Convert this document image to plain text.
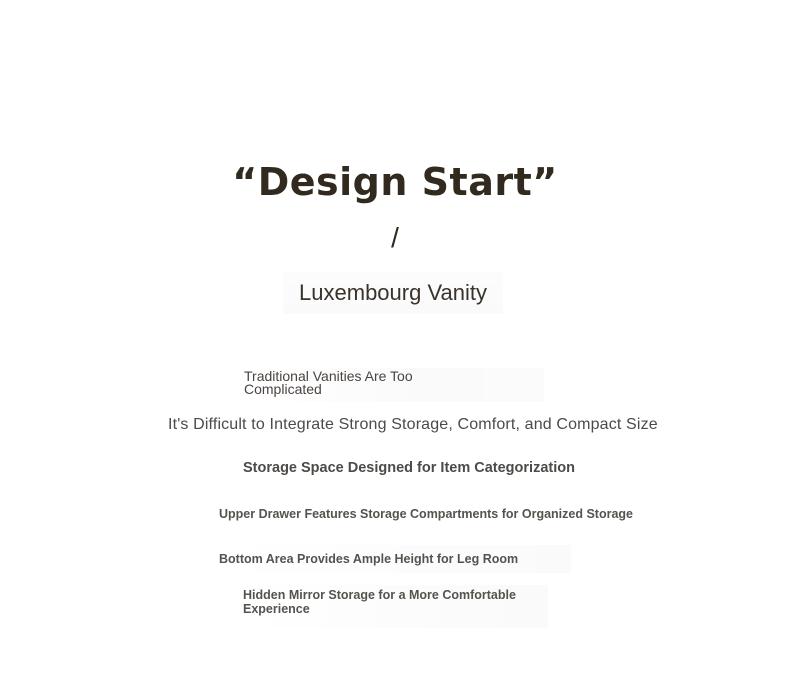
“Design Start”
/
Luxembourg Vanity
Traditional Vanities Are Too
Complicated
It's Difficult to Integrate Strong Storage, Comfort, and Compact Size
Storage Space Designed for Item Categorization
Upper Drawer Features Storage Compartments for Organized Storage
Bottom Area Provides Ample Height for Leg Room
Hidden Mirror Storage for a More Comfortable
Experience
